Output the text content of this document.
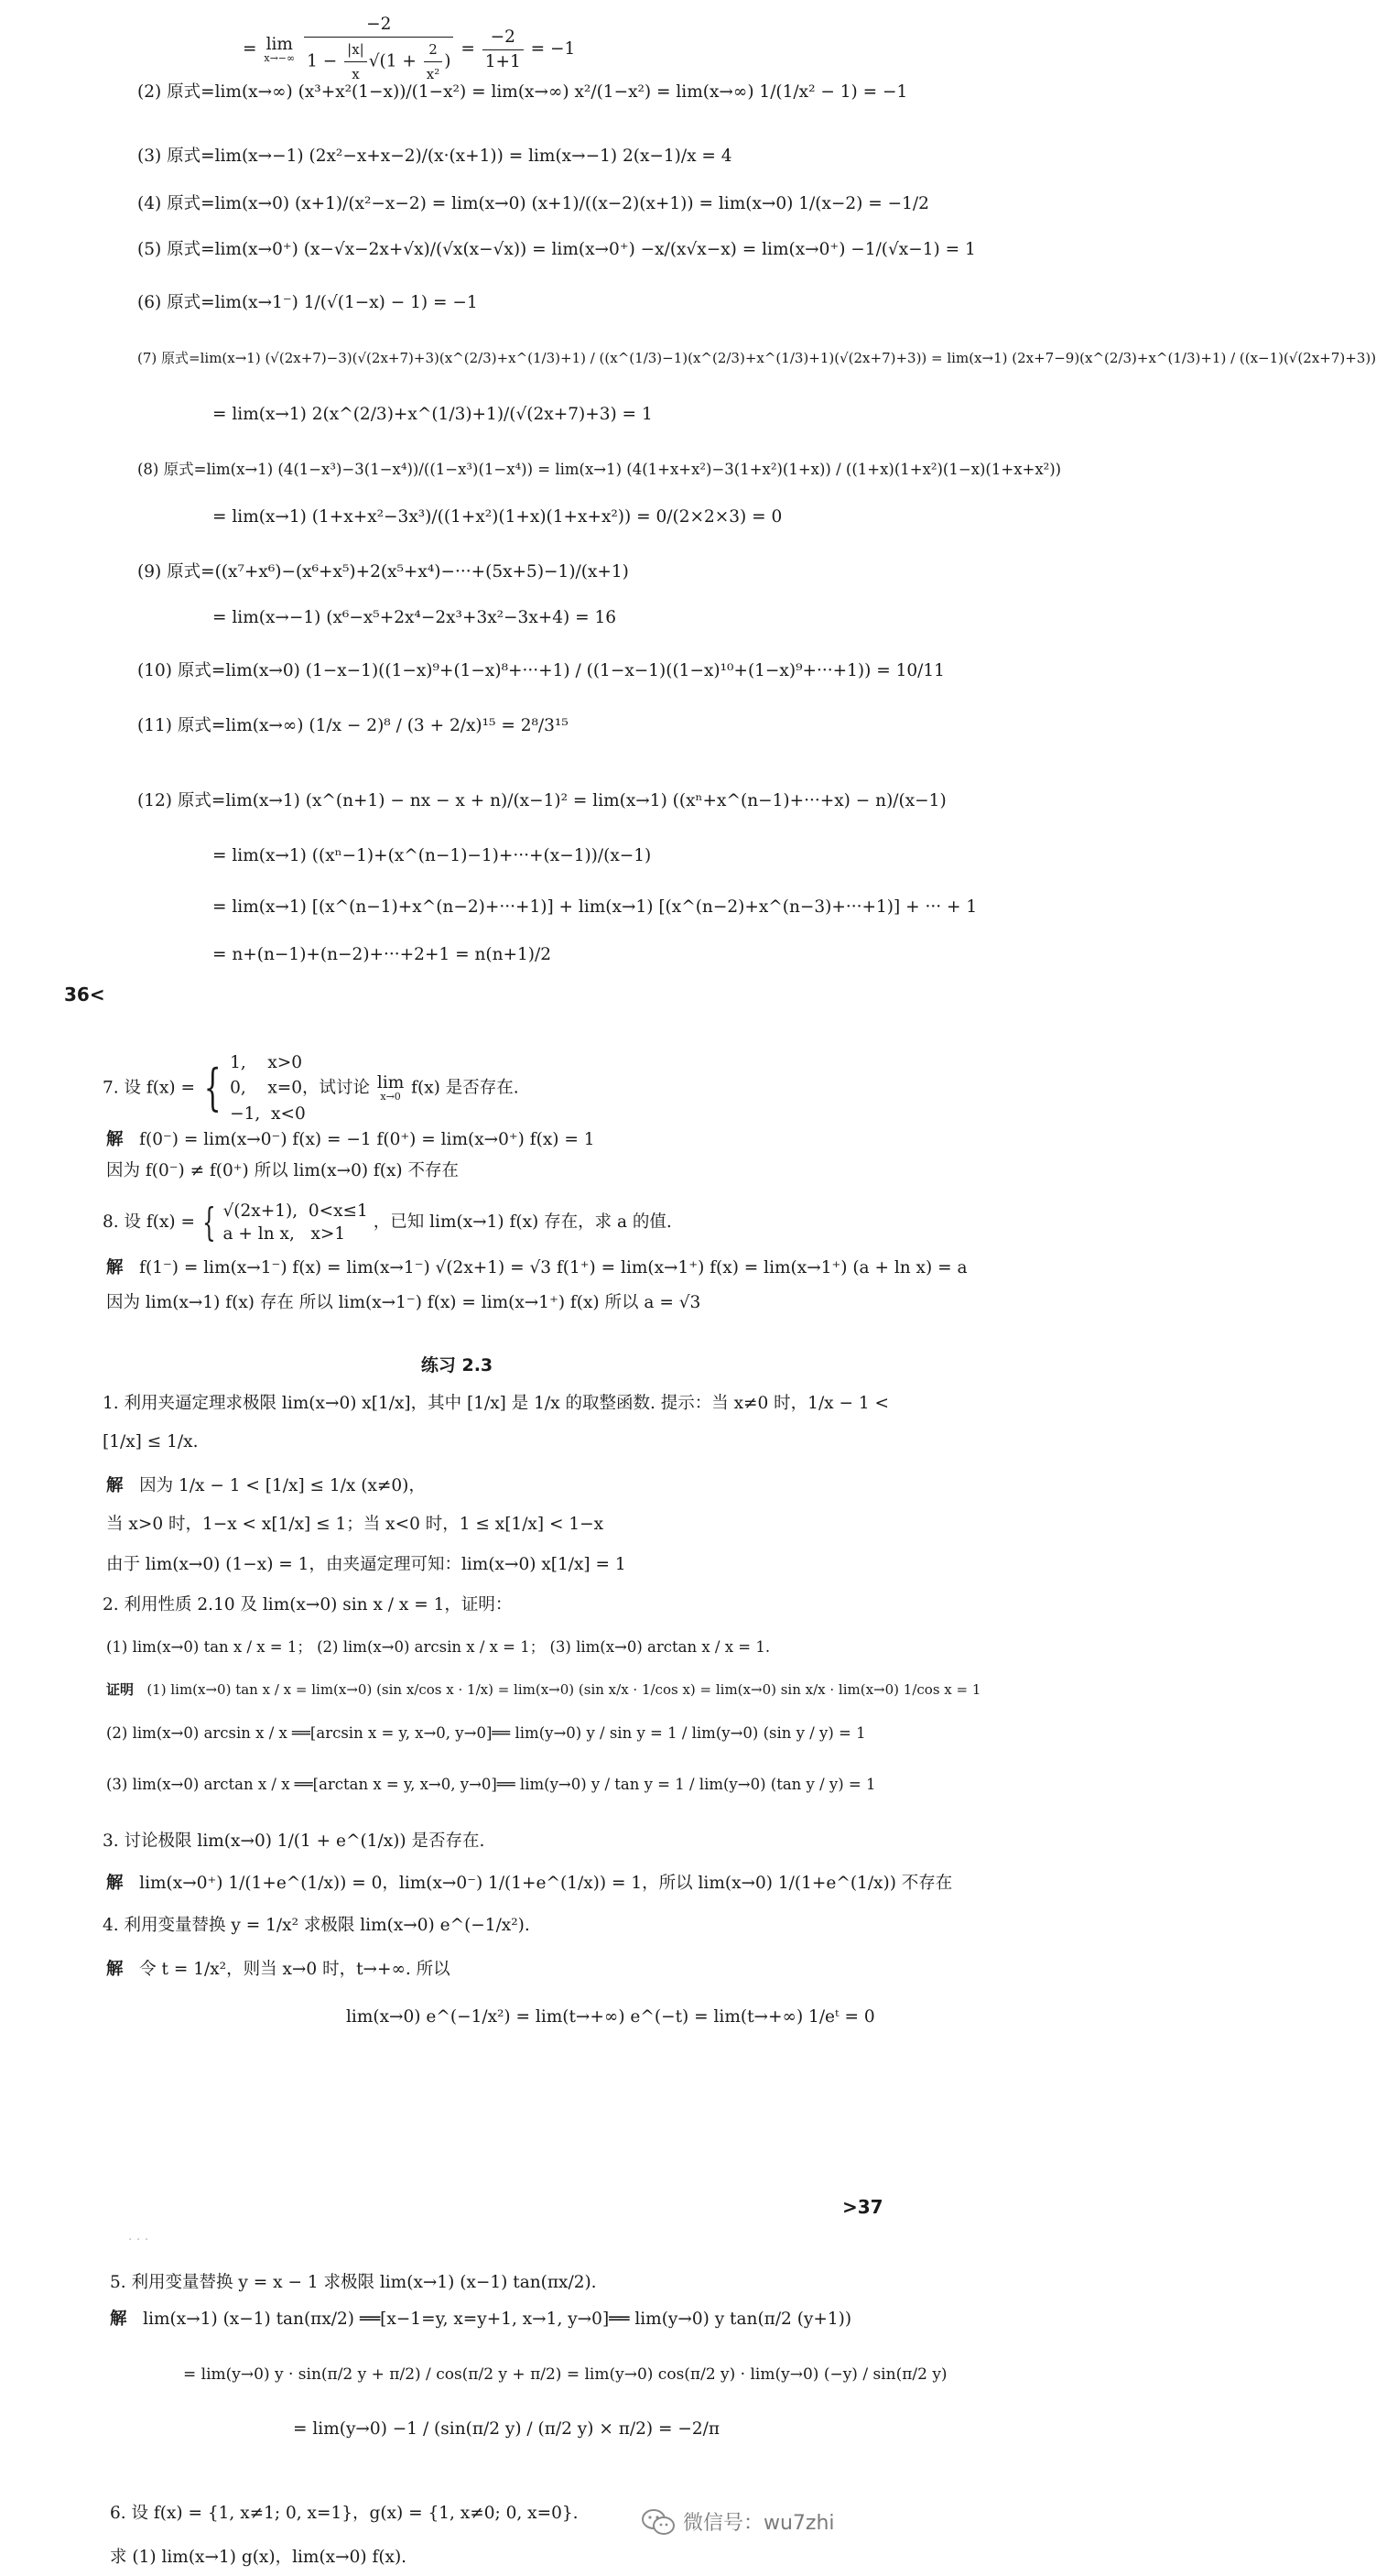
= lim
x→−∞
$\frac{-2}{1 - \frac{|x|}{x} √(1 + \frac{2}{\text{x²}} )} = \frac{-2}{1+1} = -1$
(2) 原式=lim(x→∞) (x³+x²(1−x))/(1−x²) = lim(x→∞) x²/(1−x²) = lim(x→∞) 1/(1/x² − 1) = −1
(3) 原式=lim(x→−1) (2x²−x+x−2)/(x·(x+1)) = lim(x→−1) 2(x−1)/x = 4
(4) 原式=lim(x→0) (x+1)/(x²−x−2) = lim(x→0) (x+1)/((x−2)(x+1)) = lim(x→0) 1/(x−2) = −1/2
(5) 原式=lim(x→0⁺) (x−√x−2x+√x)/(√x(x−√x)) = lim(x→0⁺) −x/(x√x−x) = lim(x→0⁺) −1/(√x−1) = 1
(6) 原式=lim(x→1⁻) 1/(√(1−x) − 1) = −1
(7) 原式=lim(x→1) (√(2x+7)−3)(√(2x+7)+3)(x^(2/3)+x^(1/3)+1) / ((x^(1/3)−1)(x^(2/3)+x^(1/3)+1)(√(2x+7)+3)) = lim(x→1) (2x+7−9)(x^(2/3)+x^(1/3)+1) / ((x−1)(√(2x+7)+3))
= lim(x→1) 2(x^(2/3)+x^(1/3)+1)/(√(2x+7)+3) = 1
(8) 原式=lim(x→1) (4(1−x³)−3(1−x⁴))/((1−x³)(1−x⁴)) = lim(x→1) (4(1+x+x²)−3(1+x²)(1+x)) / ((1+x)(1+x²)(1−x)(1+x+x²))
= lim(x→1) (1+x+x²−3x³)/((1+x²)(1+x)(1+x+x²)) = 0/(2×2×3) = 0
(9) 原式=((x⁷+x⁶)−(x⁶+x⁵)+2(x⁵+x⁴)−···+(5x+5)−1)/(x+1)
= lim(x→−1) (x⁶−x⁵+2x⁴−2x³+3x²−3x+4) = 16
(10) 原式=lim(x→0) (1−x−1)((1−x)⁹+(1−x)⁸+···+1) / ((1−x−1)((1−x)¹⁰+(1−x)⁹+···+1)) = 10/11
(11) 原式=lim(x→∞) (1/x − 2)⁸ / (3 + 2/x)¹⁵ = 2⁸/3¹⁵
(12) 原式=lim(x→1) (x^(n+1) − nx − x + n)/(x−1)² = lim(x→1) ((xⁿ+x^(n−1)+···+x) − n)/(x−1)
= lim(x→1) ((xⁿ−1)+(x^(n−1)−1)+···+(x−1))/(x−1)
= lim(x→1) [(x^(n−1)+x^(n−2)+···+1)] + lim(x→1) [(x^(n−2)+x^(n−3)+···+1)] + ··· + 1
= n+(n−1)+(n−2)+···+2+1 = n(n+1)/2
36<
7. 设 f(x) = { 1,    x>0
0,    x=0，试讨论 lim
x→0 f(x) 是否存在.
−1,  x<0
解 f(0⁻) = lim(x→0⁻) f(x) = −1 f(0⁺) = lim(x→0⁺) f(x) = 1
因为 f(0⁻) ≠ f(0⁺) 所以 lim(x→0) f(x) 不存在
8. 设 f(x) = { √(2x+1),  0<x≤1
a + ln x,   x>1
，已知 lim(x→1) f(x) 存在，求 a 的值.
解 f(1⁻) = lim(x→1⁻) f(x) = lim(x→1⁻) √(2x+1) = √3 f(1⁺) = lim(x→1⁺) f(x) = lim(x→1⁺) (a + ln x) = a
因为 lim(x→1) f(x) 存在 所以 lim(x→1⁻) f(x) = lim(x→1⁺) f(x) 所以 a = √3
练习 2.3
1. 利用夹逼定理求极限 lim(x→0) x[1/x]，其中 [1/x] 是 1/x 的取整函数. 提示：当 x≠0 时，1/x − 1 <
[1/x] ≤ 1/x.
解 因为 1/x − 1 < [1/x] ≤ 1/x (x≠0)，
当 x>0 时，1−x < x[1/x] ≤ 1；当 x<0 时，1 ≤ x[1/x] < 1−x
由于 lim(x→0) (1−x) = 1，由夹逼定理可知：lim(x→0) x[1/x] = 1
2. 利用性质 2.10 及 lim(x→0) sin x / x = 1，证明：
(1) lim(x→0) tan x / x = 1； (2) lim(x→0) arcsin x / x = 1； (3) lim(x→0) arctan x / x = 1.
证明 (1) lim(x→0) tan x / x = lim(x→0) (sin x/cos x · 1/x) = lim(x→0) (sin x/x · 1/cos x) = lim(x→0) sin x/x · lim(x→0) 1/cos x = 1
(2) lim(x→0) arcsin x / x ══[arcsin x = y, x→0, y→0]══ lim(y→0) y / sin y = 1 / lim(y→0) (sin y / y) = 1
(3) lim(x→0) arctan x / x ══[arctan x = y, x→0, y→0]══ lim(y→0) y / tan y = 1 / lim(y→0) (tan y / y) = 1
3. 讨论极限 lim(x→0) 1/(1 + e^(1/x)) 是否存在.
解 lim(x→0⁺) 1/(1+e^(1/x)) = 0，lim(x→0⁻) 1/(1+e^(1/x)) = 1，所以 lim(x→0) 1/(1+e^(1/x)) 不存在
4. 利用变量替换 y = 1/x² 求极限 lim(x→0) e^(−1/x²).
解 令 t = 1/x²，则当 x→0 时，t→+∞. 所以
lim(x→0) e^(−1/x²) = lim(t→+∞) e^(−t) = lim(t→+∞) 1/eᵗ = 0
>37
· · ·
5. 利用变量替换 y = x − 1 求极限 lim(x→1) (x−1) tan(πx/2).
解 lim(x→1) (x−1) tan(πx/2) ══[x−1=y, x=y+1, x→1, y→0]══ lim(y→0) y tan(π/2 (y+1))
= lim(y→0) y · sin(π/2 y + π/2) / cos(π/2 y + π/2) = lim(y→0) cos(π/2 y) · lim(y→0) (−y) / sin(π/2 y)
= lim(y→0) −1 / (sin(π/2 y) / (π/2 y) × π/2) = −2/π
6. 设 f(x) = {1, x≠1; 0, x=1}，g(x) = {1, x≠0; 0, x=0}.
求 (1) lim(x→1) g(x)，lim(x→0) f(x).
微信号：wu7zhi
